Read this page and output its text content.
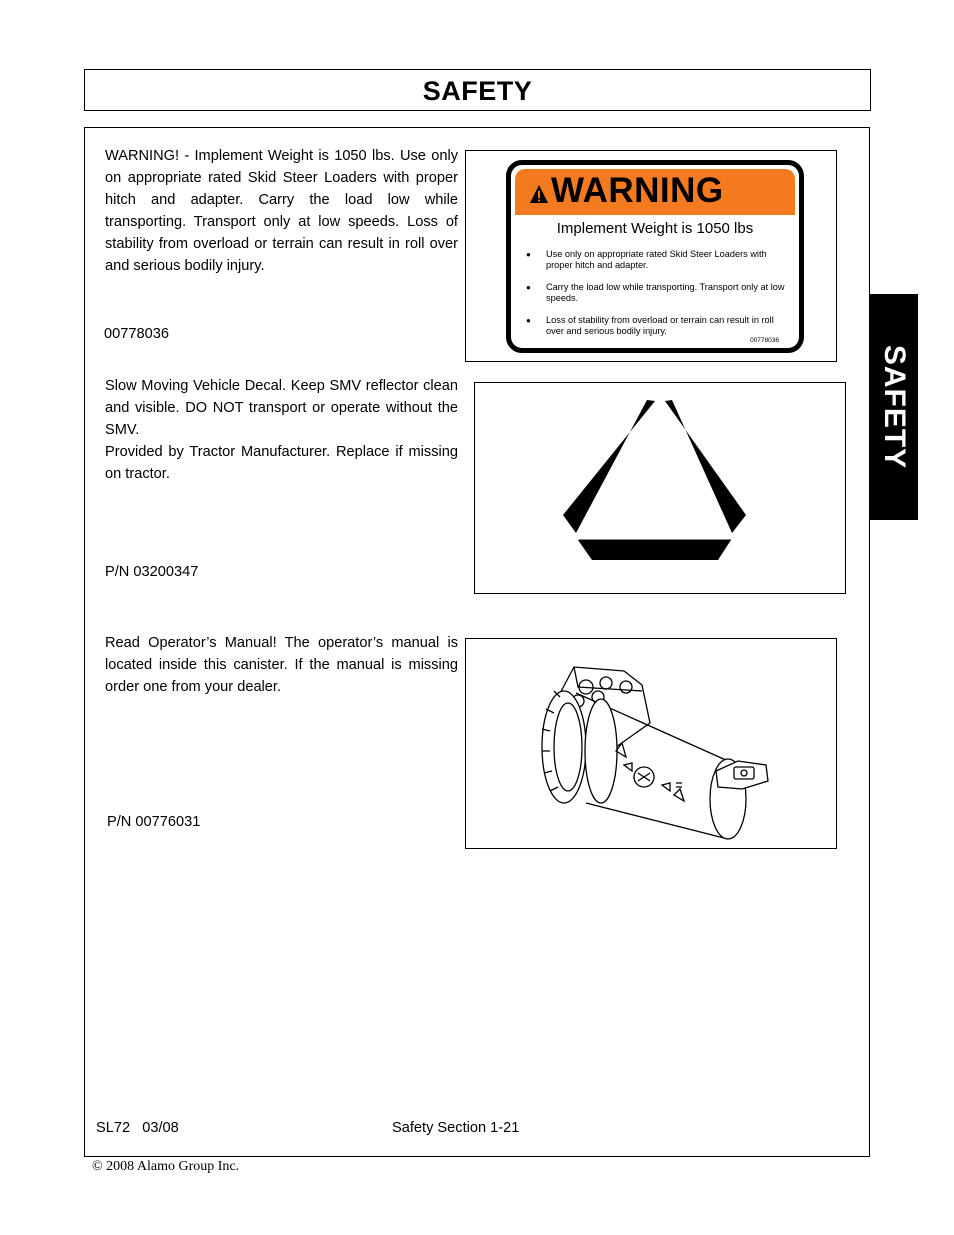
SAFETY
SAFETY
WARNING! - Implement Weight is 1050 lbs. Use only on appropriate rated Skid Steer Loaders with proper hitch and adapter. Carry the load low while transporting. Transport only at low speeds. Loss of stability from overload or terrain can result in roll over and serious bodily injury.
00778036
WARNING
Implement Weight is 1050 lbs
● Use only on appropriate rated Skid Steer Loaders with proper hitch and adapter.
● Carry the load low while transporting. Transport only at low speeds.
● Loss of stability from overload or terrain can result in roll over and serious bodily injury.
00778036
Slow Moving Vehicle Decal. Keep SMV reflector clean and visible. DO NOT transport or operate without the SMV.
Provided by Tractor Manufacturer. Replace if missing on tractor.
P/N 03200347
Read Operator’s Manual! The operator’s manual is located inside this canister. If the manual is missing order one from your dealer.
P/N 00776031
SL72   03/08	Safety Section 1-21
© 2008 Alamo Group Inc.
